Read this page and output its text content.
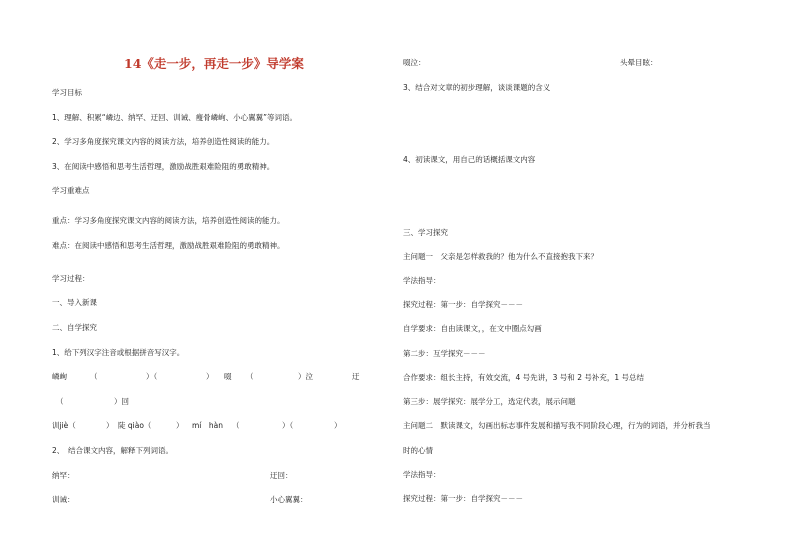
14《走一步，再走一步》导学案
学习目标
1、理解、积累“嶙边、纳罕、迂回、训诫、瘦骨嶙峋、小心翼翼”等词语。
2、学习多角度探究课文内容的阅读方法，培养创造性阅读的能力。
3、在阅读中感悟和思考生活哲理，激励战胜艰难险阻的勇敢精神。
学习重难点
重点：学习多角度探究课文内容的阅读方法，培养创造性阅读的能力。
难点：在阅读中感悟和思考生活哲理，激励战胜艰难险阻的勇敢精神。
学习过程：
一、导入新课
二、自学探究
1、给下列汉字注音或根据拼音写汉字。
嶙峋	（	）（	） 啜 （	）泣	迂
（	）回
训jiè（	） 陡 qiào（	） mí　hàn （	）（	）
2、　结合课文内容，解释下列词语。
纳罕：	迂回：
训诫：	小心翼翼：
啜泣：	头晕目眩：
3、结合对文章的初步理解，谈谈课题的含义
4、初读课文，用自己的话概括课文内容
三、学习探究
主问题一　父亲是怎样救我的？他为什么不直接抱我下来？
学法指导：
探究过程：第一步：自学探究－－－
自学要求：自由读课文，，在文中圈点勾画
第二步：互学探究－－－
合作要求：组长主持，有效交流，4 号先讲，3 号和 2 号补充，1 号总结
第三步：展学探究：展学分工，选定代表，展示问题
主问题二　默读课文，勾画出标志事件发展和描写我不同阶段心理，行为的词语，并分析我当
时的心情
学法指导：
探究过程：第一步：自学探究－－－
